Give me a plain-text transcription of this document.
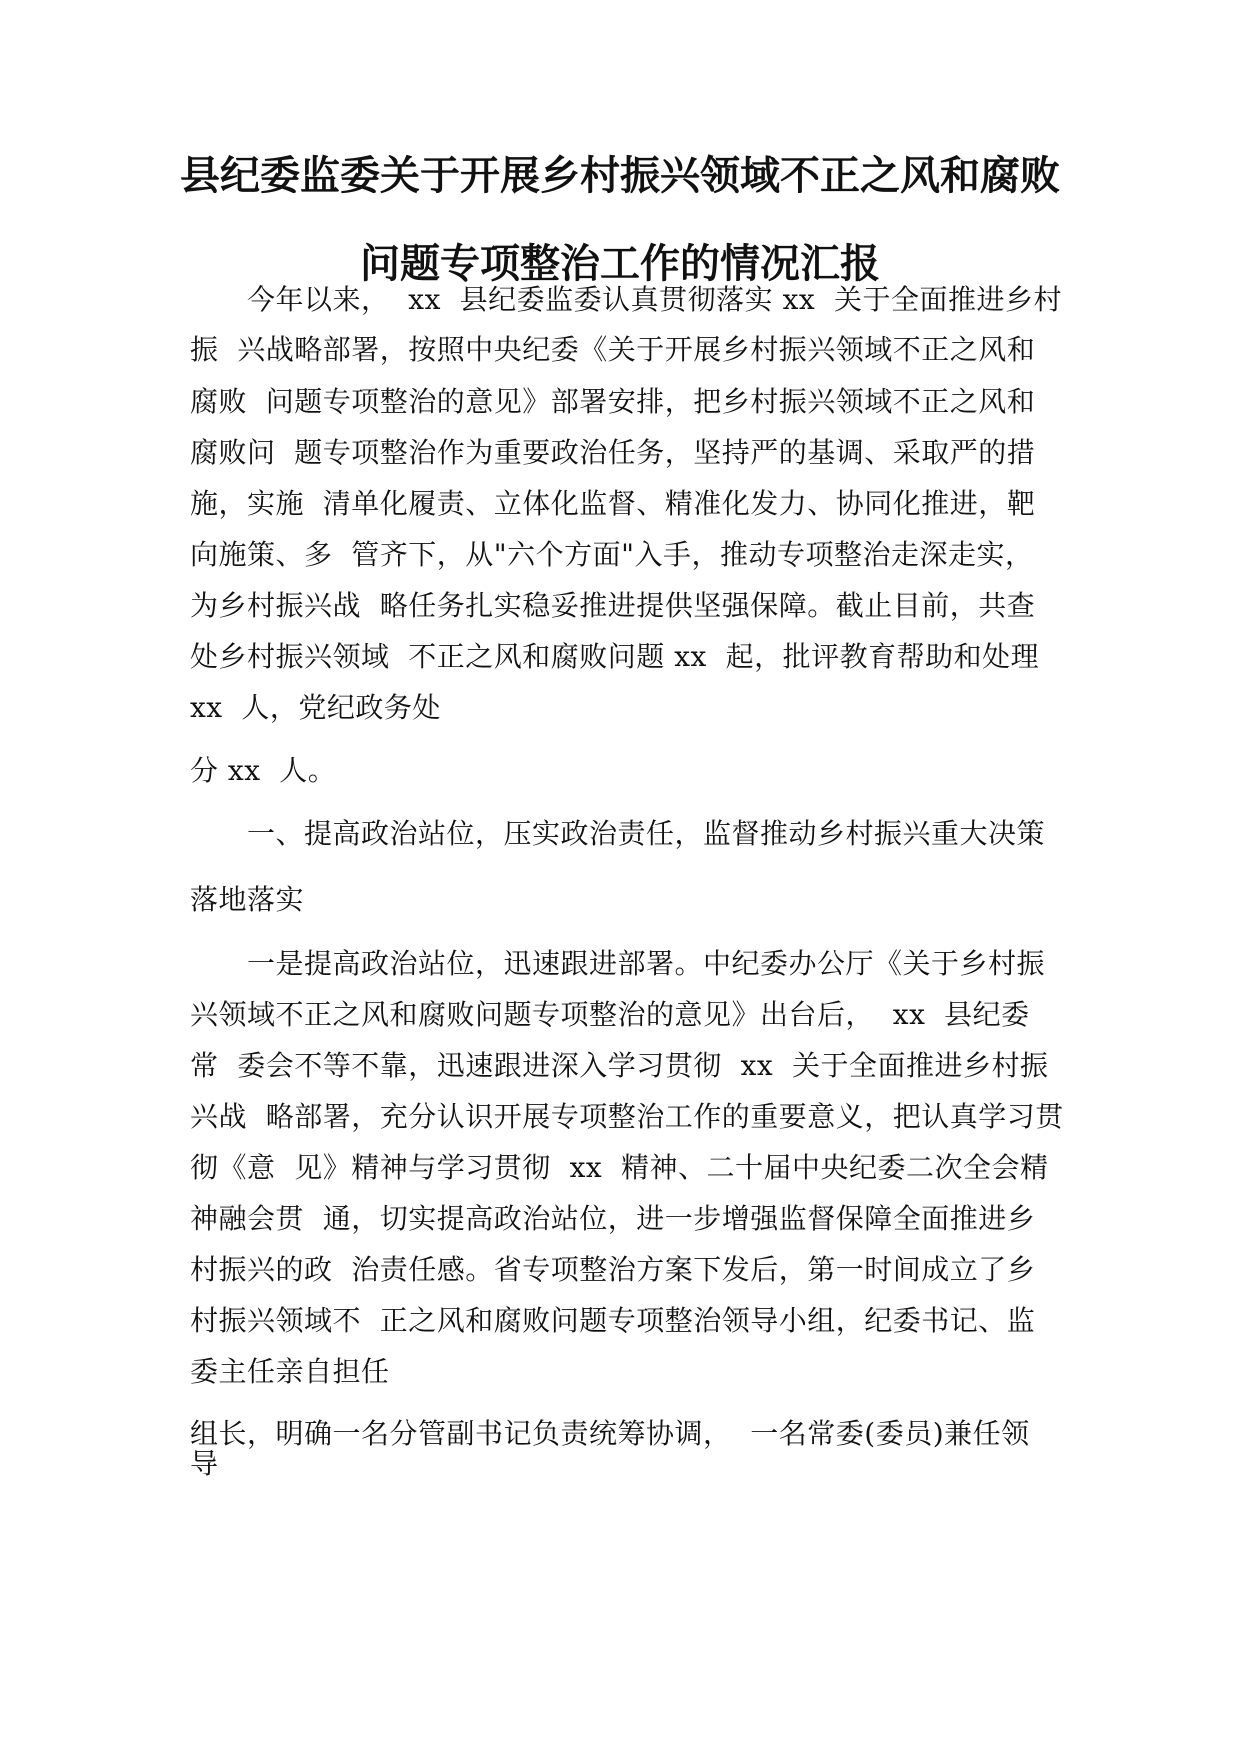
县纪委监委关于开展乡村振兴领域不正之风和腐败
问题专项整治工作的情况汇报
　　今年以来，  xx  县纪委监委认真贯彻落实 xx  关于全面推进乡村
振  兴战略部署，按照中央纪委《关于开展乡村振兴领域不正之风和
腐败  问题专项整治的意见》部署安排，把乡村振兴领域不正之风和
腐败问  题专项整治作为重要政治任务，坚持严的基调、采取严的措
施，实施  清单化履责、立体化监督、精准化发力、协同化推进，靶
向施策、多  管齐下，从"六个方面"入手，推动专项整治走深走实，
为乡村振兴战  略任务扎实稳妥推进提供坚强保障。截止目前，共查
处乡村振兴领域  不正之风和腐败问题 xx  起，批评教育帮助和处理
xx  人，党纪政务处
分 xx  人。
　　一、提高政治站位，压实政治责任，监督推动乡村振兴重大决策
落地落实
　　一是提高政治站位，迅速跟进部署。中纪委办公厅《关于乡村振
兴领域不正之风和腐败问题专项整治的意见》出台后，  xx  县纪委
常  委会不等不靠，迅速跟进深入学习贯彻  xx  关于全面推进乡村振
兴战  略部署，充分认识开展专项整治工作的重要意义，把认真学习贯
彻《意  见》精神与学习贯彻  xx  精神、二十届中央纪委二次全会精
神融会贯  通，切实提高政治站位，进一步增强监督保障全面推进乡
村振兴的政  治责任感。省专项整治方案下发后，第一时间成立了乡
村振兴领域不  正之风和腐败问题专项整治领导小组，纪委书记、监
委主任亲自担任
组长，明确一名分管副书记负责统筹协调，  一名常委(委员)兼任领
导
